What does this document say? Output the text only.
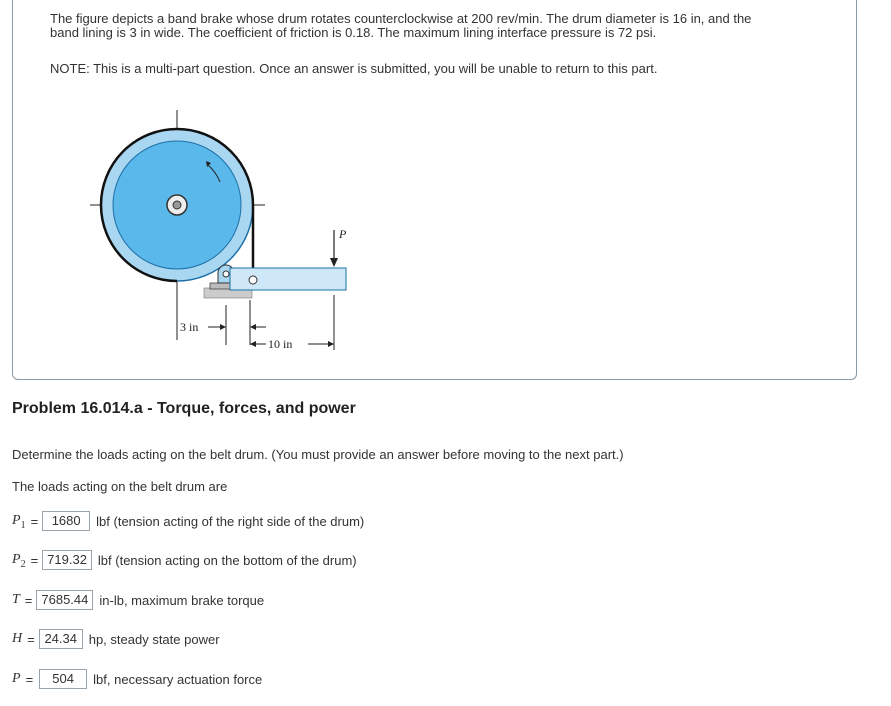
The figure depicts a band brake whose drum rotates counterclockwise at 200 rev/min. The drum diameter is 16 in, and the
band lining is 3 in wide. The coefficient of friction is 0.18. The maximum lining interface pressure is 72 psi.
NOTE: This is a multi-part question. Once an answer is submitted, you will be unable to return to this part.
P
3 in
10 in
Problem 16.014.a - Torque, forces, and power
Determine the loads acting on the belt drum. (You must provide an answer before moving to the next part.)
The loads acting on the belt drum are
$P_1$ =	1680	lbf (tension acting of the right side of the drum)
$P_2 = 719.32$ lbf (tension acting on the bottom of the drum)
T = 7685.44 in-lb, maximum brake torque
H = 24.34 hp, steady state power
P =	504	lbf, necessary actuation force
